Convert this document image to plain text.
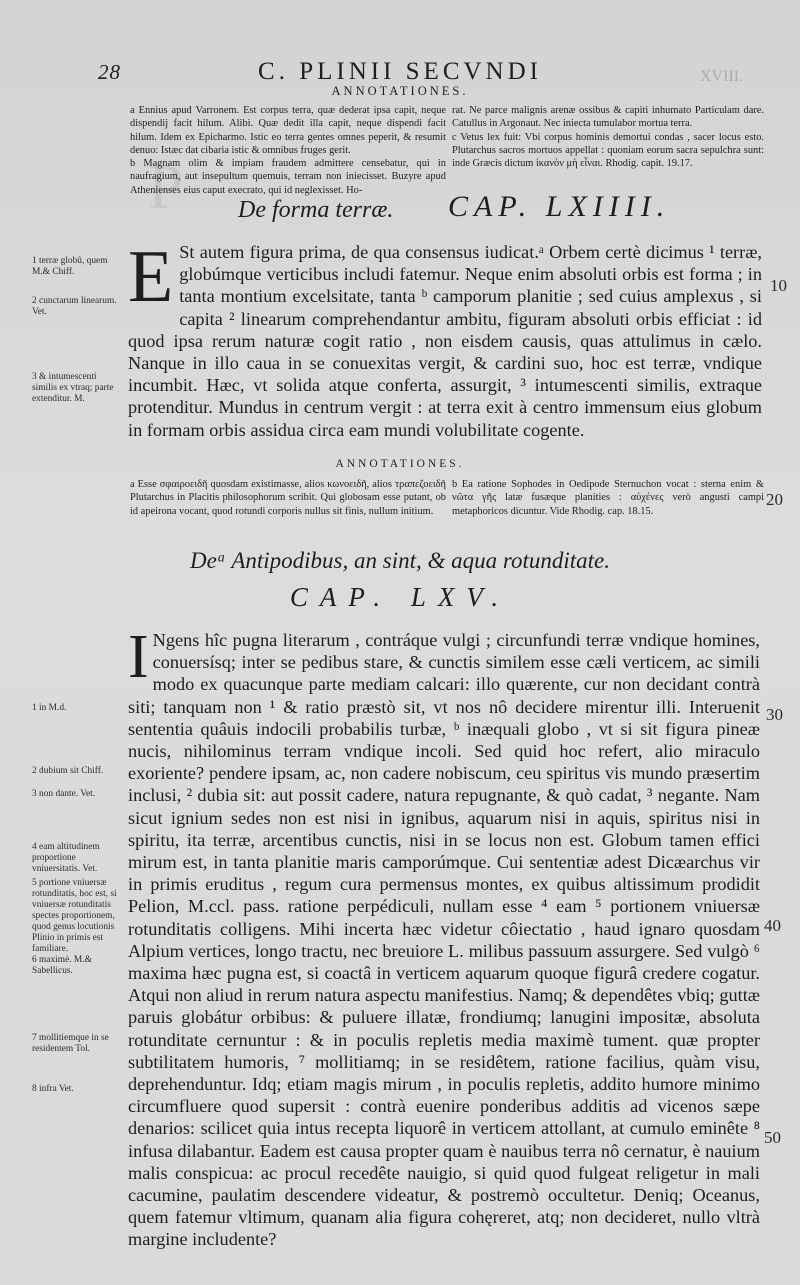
P
XVIII.
28	C. PLINII SECVNDI
ANNOTATIONES.

a Ennius apud Varronem. Est corpus terra, quæ dederat ipsa capit, neque dispendij facit hilum. Alibi. Quæ dedit illa capit, neque dispendi facit hilum. Idem ex Epicharmo. Istic eo terra gentes omnes peperit, & resumit denuo: Istæc dat cibaria istic & omnibus fruges gerit.

b Magnam olim & impiam fraudem admittere censebatur, qui in naufragium, aut insepultum quemuis, terram non iniecisset. Buzyre apud Athenienses eius caput execrato, qui id neglexisset. Ho-

rat. Ne parce malignis arenæ ossibus & capiti inhumato Particulam dare. Catullus in Argonaut. Nec iniecta tumulabor mortua terra.

c Vetus lex fuit: Vbi corpus hominis demortui condas , sacer locus esto. Plutarchus sacros mortuos appellat : quoniam eorum sacra sepulchra sunt: inde Græcis dictum ἱκανὸν μὴ εἶναι. Rhodig. capit. 19.17.

De forma terræ. CAP. LXIIII.
E St autem figura prima, de qua consensus iudicat.ᵃ Orbem certè dicimus ¹ terræ, globúmque verticibus includi fatemur. Neque enim absoluti orbis est forma ; in tanta montium excelsitate, tanta ᵇ camporum planitie ; sed cuius amplexus , si capita ² linearum comprehendantur ambitu, figuram absoluti orbis efficiat : id quod ipsa rerum naturæ cogit ratio , non eisdem causis, quas attulimus in cælo. Nanque in illo caua in se conuexitas vergit, & cardini suo, hoc est terræ, vndique incumbit. Hæc, vt solida atque conferta, assurgit, ³ intumescenti similis, extraque protenditur. Mundus in centrum vergit : at terra exit à centro immensum eius globum in formam orbis assidua circa eam mundi volubilitate cogente.
ANNOTATIONES.
a Esse σφαιροειδῆ quosdam existimasse, alios κωνοειδῆ, alios τραπεζοειδῆ Plutarchus in Placitis philosophorum scribit. Qui globosam esse putant, ob id apeirona vocant, quod rotundi corporis nullus sit finis, nullum initium.
b Ea ratione Sophodes in Oedipode Sternuchon vocat : sterna enim & νῶτα γῆς latæ fusæque planities : αὐχένες verò angusti campi metaphoricos dicuntur. Vide Rhodig. cap. 18.15.
Deᵃ Antipodibus, an sint, & aqua rotunditate.
CAP. LXV.
I Ngens hîc pugna literarum , contráque vulgi ; circunfundi terræ vndique homines, conuersísq; inter se pedibus stare, & cunctis similem esse cæli verticem, ac simili modo ex quacunque parte mediam calcari: illo quærente, cur non decidant contrà siti; tanquam non ¹ & ratio præstò sit, vt nos nô decidere mirentur illi. Interuenit sententia quâuis indocili probabilis turbæ, ᵇ inæquali globo , vt si sit figura pineæ nucis, nihilominus terram vndique incoli. Sed quid hoc refert, alio miraculo exoriente? pendere ipsam, ac, non cadere nobiscum, ceu spiritus vis mundo præsertim inclusi, ² dubia sit: aut possit cadere, natura repugnante, & quò cadat, ³ negante. Nam sicut ignium sedes non est nisi in ignibus, aquarum nisi in aquis, spiritus nisi in spiritu, ita terræ, arcentibus cunctis, nisi in se locus non est. Globum tamen effici mirum est, in tanta planitie maris camporúmque. Cui sententiæ adest Dicæarchus vir in primis eruditus , regum cura permensus montes, ex quibus altissimum prodidit Pelion, M.ccl. pass. ratione perpédiculi, nullam esse ⁴ eam ⁵ portionem vniuersæ rotunditatis colligens. Mihi incerta hæc videtur côiectatio , haud ignaro quosdam Alpium vertices, longo tractu, nec breuiore L. milibus passuum assurgere. Sed vulgò ⁶ maxima hæc pugna est, si coactâ in verticem aquarum quoque figurâ credere cogatur. Atqui non aliud in rerum natura aspectu manifestius. Namq; & dependêtes vbiq; guttæ paruis globátur orbibus: & puluere illatæ, frondiumq; lanugini impositæ, absoluta rotunditate cernuntur : & in poculis repletis media maximè tument. quæ propter subtilitatem humoris, ⁷ mollitiamq; in se residêtem, ratione facilius, quàm visu, deprehenduntur. Idq; etiam magis mirum , in poculis repletis, addito humore minimo circumfluere quod supersit : contrà euenire ponderibus additis ad vicenos sæpe denarios: scilicet quia intus recepta liquorê in verticem attollant, at cumulo eminête ⁸ infusa dilabantur. Eadem est causa propter quam è nauibus terra nô cernatur, è nauium malis conspicua: ac procul recedête nauigio, si quid quod fulgeat religetur in mali cacumine, paulatim descendere videatur, & postremò occultetur. Deniq; Oceanus, quem fatemur vltimum, quanam alia figura cohęreret, atq; non decideret, nullo vltrà margine includente?
1 terræ globû, quem M.& Chiff.
2 cunctarum linearum. Vet.
3 & intumescenti similis ex vtraq; parte extenditur. M.
1 in M.d.
2 dubium sit Chiff.
3 non dante. Vet.
4 eam altitudinem proportione vniuersitatis. Vet.
5 portione vniuersæ rotunditatis, hoc est, si vniuersæ rotunditatis spectes proportionem, quod genus locutionis Plinio in primis est familiare.
6 maximè. M.& Sabellicus.
7 mollitiemque in se residentem Tol.
8 infra Vet.
10
20
30
40
50
